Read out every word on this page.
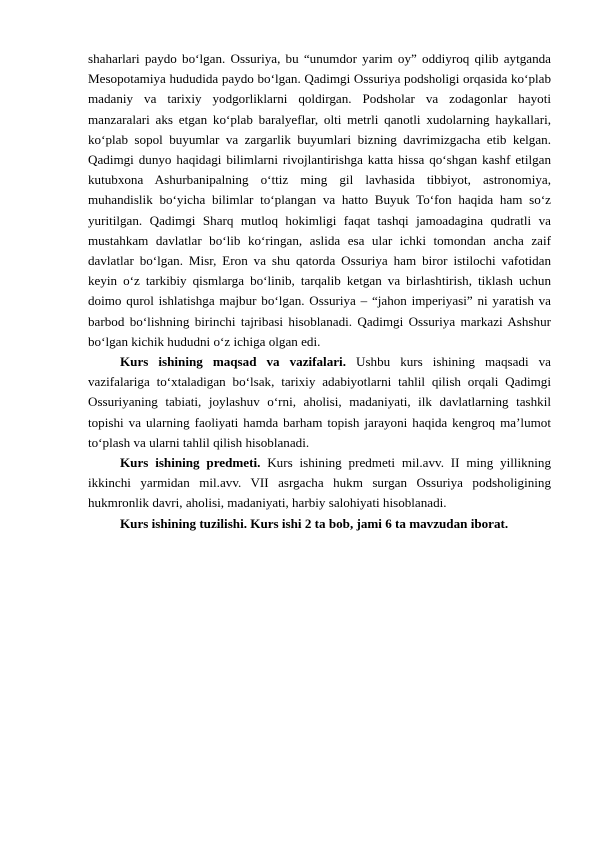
shaharlari paydo bo‘lgan. Ossuriya, bu “unumdor yarim oy” oddiyroq qilib aytganda Mesopotamiya hududida paydo bo‘lgan. Qadimgi Ossuriya podsholigi orqasida ko‘plab madaniy va tarixiy yodgorliklarni qoldirgan. Podsholar va zodagonlar hayoti manzaralari aks etgan ko‘plab baralyeflar, olti metrli qanotli xudolarning haykallari, ko‘plab sopol buyumlar va zargarlik buyumlari bizning davrimizgacha etib kelgan. Qadimgi dunyo haqidagi bilimlarni rivojlantirishga katta hissa qo‘shgan kashf etilgan kutubxona Ashurbanipalning o‘ttiz ming gil lavhasida tibbiyot, astronomiya, muhandislik bo‘yicha bilimlar to‘plangan va hatto Buyuk To‘fon haqida ham so‘z yuritilgan. Qadimgi Sharq mutloq hokimligi faqat tashqi jamoadagina qudratli va mustahkam davlatlar bo‘lib ko‘ringan, aslida esa ular ichki tomondan ancha zaif davlatlar bo‘lgan. Misr, Eron va shu qatorda Ossuriya ham biror istilochi vafotidan keyin o‘z tarkibiy qismlarga bo‘linib, tarqalib ketgan va birlashtirish, tiklash uchun doimo qurol ishlatishga majbur bo‘lgan. Ossuriya – “jahon imperiyasi” ni yaratish va barbod bo‘lishning birinchi tajribasi hisoblanadi. Qadimgi Ossuriya markazi Ashshur bo‘lgan kichik hududni o‘z ichiga olgan edi.

Kurs ishining maqsad va vazifalari. Ushbu kurs ishining maqsadi va vazifalariga to‘xtaladigan bo‘lsak, tarixiy adabiyotlarni tahlil qilish orqali Qadimgi Ossuriyaning tabiati, joylashuv o‘rni, aholisi, madaniyati, ilk davlatlarning tashkil topishi va ularning faoliyati hamda barham topish jarayoni haqida kengroq ma’lumot to‘plash va ularni tahlil qilish hisoblanadi.

Kurs ishining predmeti. Kurs ishining predmeti mil.avv. II ming yillikning ikkinchi yarmidan mil.avv. VII asrgacha hukm surgan Ossuriya podsholigining hukmronlik davri, aholisi, madaniyati, harbiy salohiyati hisoblanadi.

Kurs ishining tuzilishi. Kurs ishi 2 ta bob, jami 6 ta mavzudan iborat.
